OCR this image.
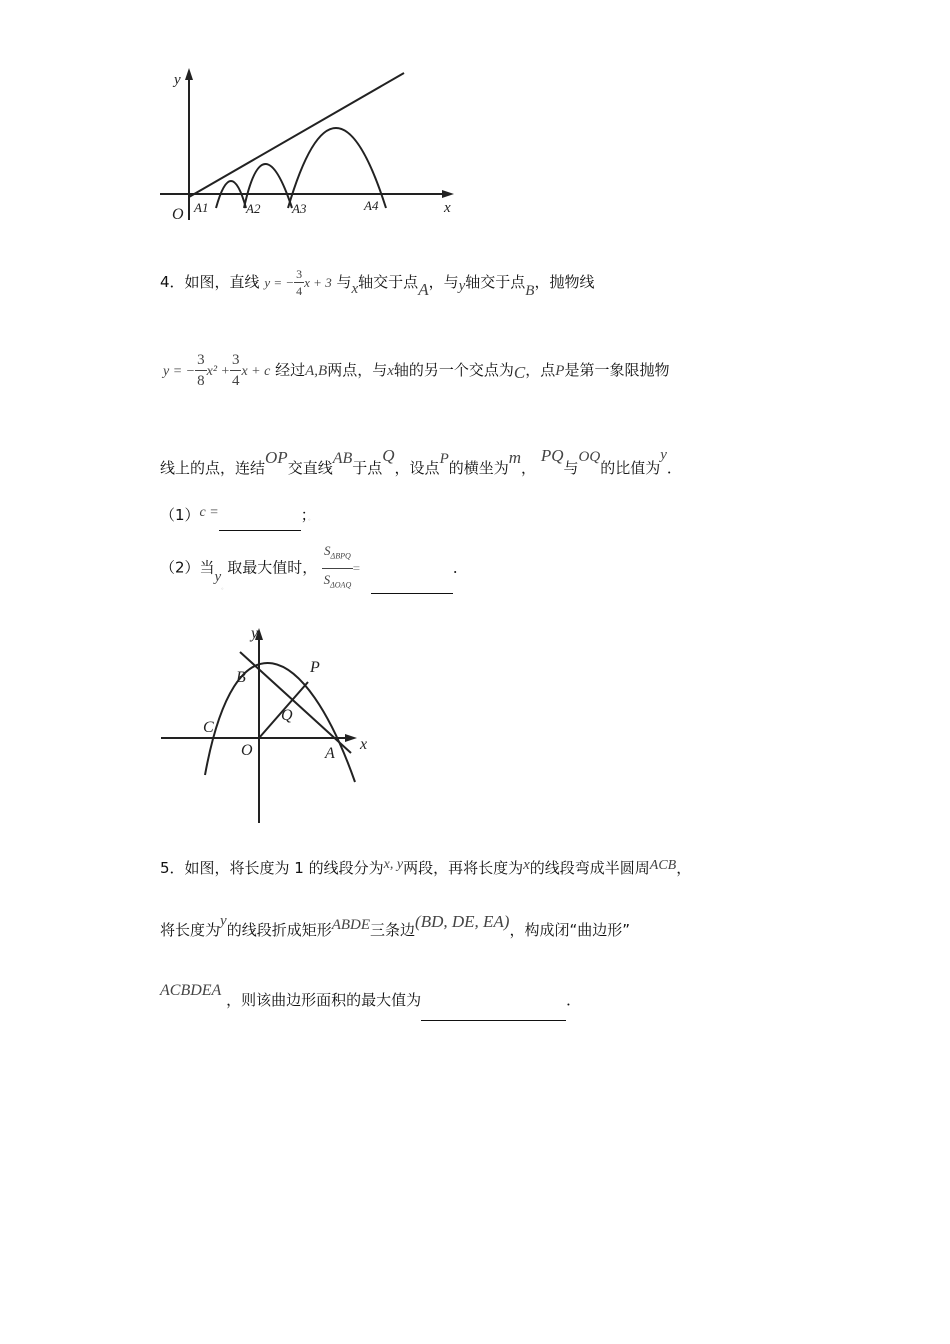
y
x
O A1	A2 A3	A4
4．如图，直线 y = − $\frac{3}{4}$ x + 3 与x轴交于点A，与y轴交于点B，抛物线
y = − $\frac{3}{8} x^2 + \frac{3}{4}$ x + c 经过A,B两点，与x轴的另一个交点为C，点P是第一象限抛物
线上的点，连结OP交直线AB于点Q，设点P的横坐为m， PQ与OQ的比值为y．
（1）c =	；。
（2）当$y_。$取最大值时， $\frac{S_{\Delta BPQ}}{S_{\Delta OAQ}}$ =	．
y
x
B
P
Q
C
O	A
5．如图，将长度为 1 的线段分为x, y两段，再将长度为x的线段弯成半圆周ACB，
将长度为y的线段折成矩形ABDE三条边(BD, DE, EA)，构成闭“曲边形”
ACBDEA ，则该曲边形面积的最大值为	．
